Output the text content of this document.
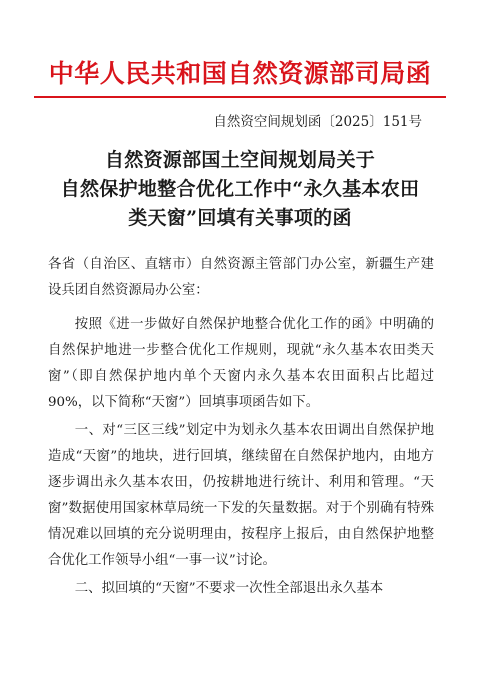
中华人民共和国自然资源部司局函
自然资空间规划函〔2025〕151号
自然资源部国土空间规划局关于
自然保护地整合优化工作中“永久基本农田
类天窗”回填有关事项的函

各省（自治区、直辖市）自然资源主管部门办公室，新疆生产建设兵团自然资源局办公室：

按照《进一步做好自然保护地整合优化工作的函》中明确的自然保护地进一步整合优化工作规则，现就“永久基本农田类天窗”（即自然保护地内单个天窗内永久基本农田面积占比超过90%，以下简称“天窗”）回填事项函告如下。

一、对“三区三线”划定中为划永久基本农田调出自然保护地造成“天窗”的地块，进行回填，继续留在自然保护地内，由地方逐步调出永久基本农田，仍按耕地进行统计、利用和管理。“天窗”数据使用国家林草局统一下发的矢量数据。对于个别确有特殊情况难以回填的充分说明理由，按程序上报后，由自然保护地整合优化工作领导小组“一事一议”讨论。

二、拟回填的“天窗”不要求一次性全部退出永久基本
